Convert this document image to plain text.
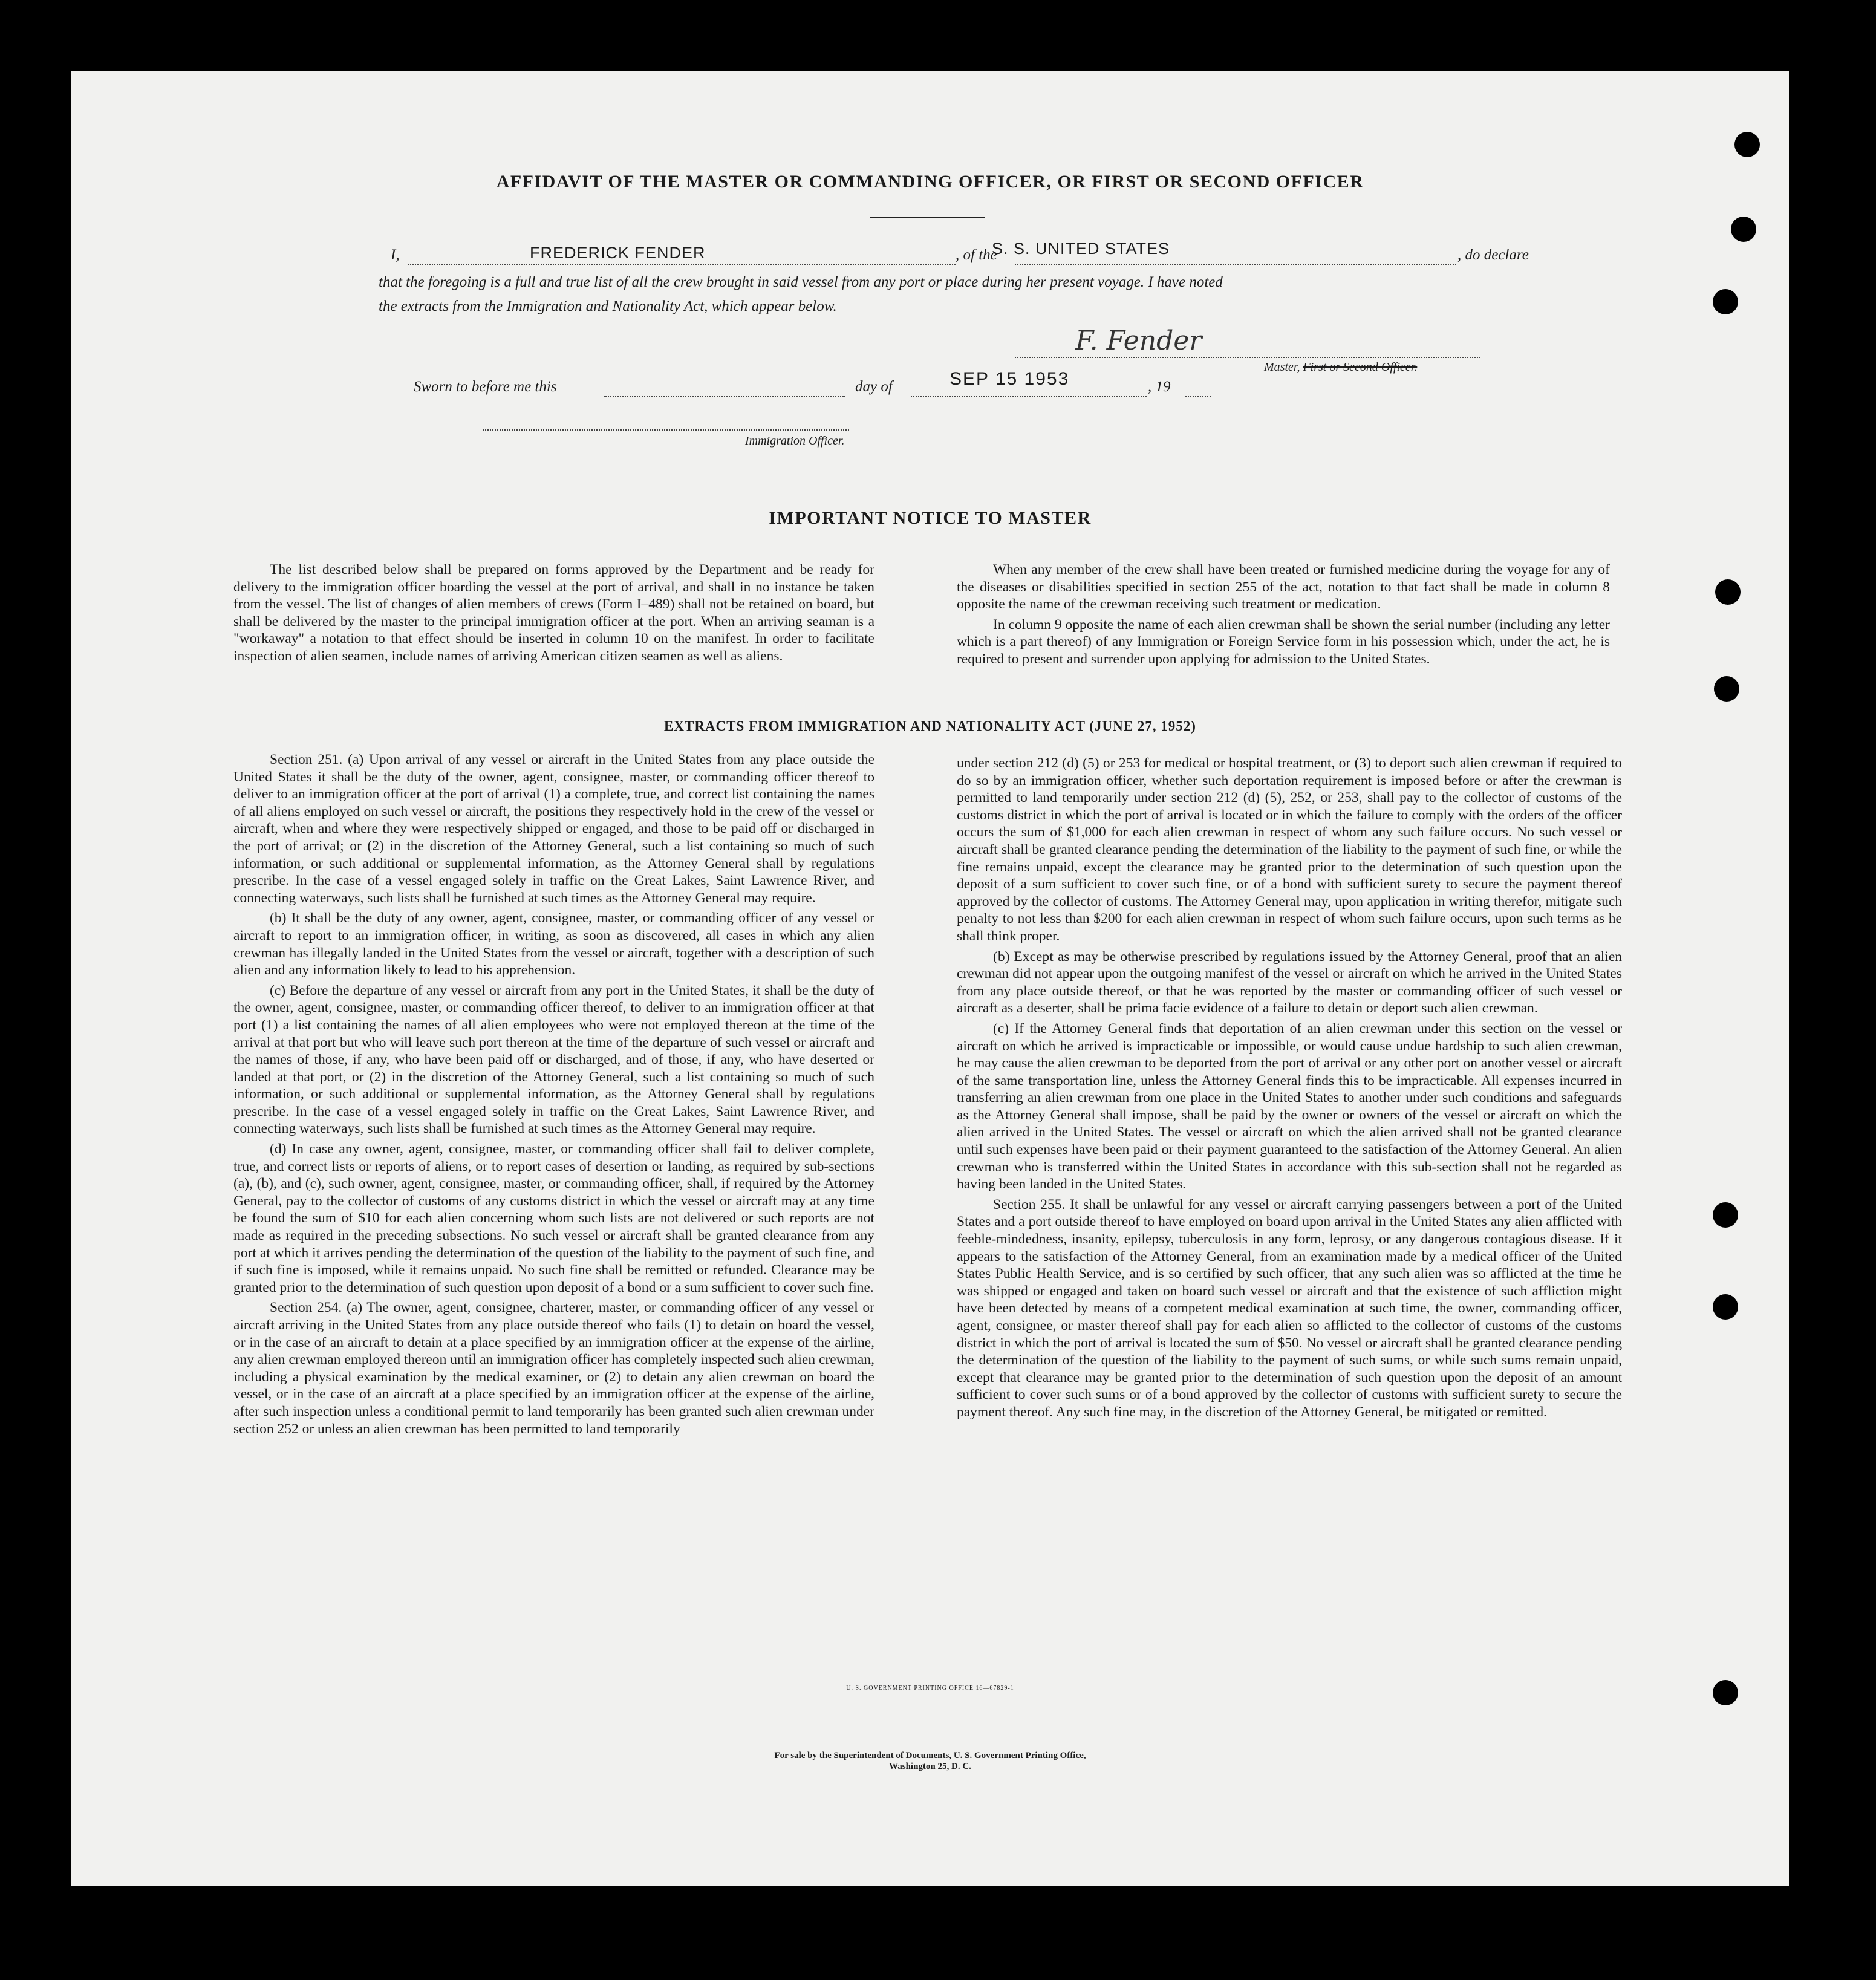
AFFIDAVIT OF THE MASTER OR COMMANDING OFFICER, OR FIRST OR SECOND OFFICER
I,	FREDERICK FENDER	, of the
S. S. UNITED STATES	, do declare
that the foregoing is a full and true list of all the crew brought in said vessel from any port or place during her present voyage. I have noted
the extracts from the Immigration and Nationality Act, which appear below.
F. Fender
Master, First or Second Officer.
Sworn to before me this	day of	SEP 15 1953	, 19
Immigration Officer.
IMPORTANT NOTICE TO MASTER

The list described below shall be prepared on forms approved by the Department and be ready for delivery to the immigration officer boarding the vessel at the port of arrival, and shall in no instance be taken from the vessel. The list of changes of alien members of crews (Form I–489) shall not be retained on board, but shall be delivered by the master to the principal immigration officer at the port. When an arriving seaman is a "workaway" a notation to that effect should be inserted in column 10 on the manifest. In order to facilitate inspection of alien seamen, include names of arriving American citizen seamen as well as aliens.

When any member of the crew shall have been treated or furnished medicine during the voyage for any of the diseases or disabilities specified in section 255 of the act, notation to that fact shall be made in column 8 opposite the name of the crewman receiving such treatment or medication.

In column 9 opposite the name of each alien crewman shall be shown the serial number (including any letter which is a part thereof) of any Immigration or Foreign Service form in his possession which, under the act, he is required to present and surrender upon applying for admission to the United States.

EXTRACTS FROM IMMIGRATION AND NATIONALITY ACT (JUNE 27, 1952)

Section 251. (a) Upon arrival of any vessel or aircraft in the United States from any place outside the United States it shall be the duty of the owner, agent, consignee, master, or commanding officer thereof to deliver to an immigration officer at the port of arrival (1) a complete, true, and correct list containing the names of all aliens employed on such vessel or aircraft, the positions they respectively hold in the crew of the vessel or aircraft, when and where they were respectively shipped or engaged, and those to be paid off or discharged in the port of arrival; or (2) in the discretion of the Attorney General, such a list containing so much of such information, or such additional or supplemental information, as the Attorney General shall by regulations prescribe. In the case of a vessel engaged solely in traffic on the Great Lakes, Saint Lawrence River, and connecting waterways, such lists shall be furnished at such times as the Attorney General may require.

(b) It shall be the duty of any owner, agent, consignee, master, or commanding officer of any vessel or aircraft to report to an immigration officer, in writing, as soon as discovered, all cases in which any alien crewman has illegally landed in the United States from the vessel or aircraft, together with a description of such alien and any information likely to lead to his apprehension.

(c) Before the departure of any vessel or aircraft from any port in the United States, it shall be the duty of the owner, agent, consignee, master, or commanding officer thereof, to deliver to an immigration officer at that port (1) a list containing the names of all alien employees who were not employed thereon at the time of the arrival at that port but who will leave such port thereon at the time of the departure of such vessel or aircraft and the names of those, if any, who have been paid off or discharged, and of those, if any, who have deserted or landed at that port, or (2) in the discretion of the Attorney General, such a list containing so much of such information, or such additional or supplemental information, as the Attorney General shall by regulations prescribe. In the case of a vessel engaged solely in traffic on the Great Lakes, Saint Lawrence River, and connecting waterways, such lists shall be furnished at such times as the Attorney General may require.

(d) In case any owner, agent, consignee, master, or commanding officer shall fail to deliver complete, true, and correct lists or reports of aliens, or to report cases of desertion or landing, as required by sub-sections (a), (b), and (c), such owner, agent, consignee, master, or commanding officer, shall, if required by the Attorney General, pay to the collector of customs of any customs district in which the vessel or aircraft may at any time be found the sum of $10 for each alien concerning whom such lists are not delivered or such reports are not made as required in the preceding subsections. No such vessel or aircraft shall be granted clearance from any port at which it arrives pending the determination of the question of the liability to the payment of such fine, and if such fine is imposed, while it remains unpaid. No such fine shall be remitted or refunded. Clearance may be granted prior to the determination of such question upon deposit of a bond or a sum sufficient to cover such fine.

Section 254. (a) The owner, agent, consignee, charterer, master, or commanding officer of any vessel or aircraft arriving in the United States from any place outside thereof who fails (1) to detain on board the vessel, or in the case of an aircraft to detain at a place specified by an immigration officer at the expense of the airline, any alien crewman employed thereon until an immigration officer has completely inspected such alien crewman, including a physical examination by the medical examiner, or (2) to detain any alien crewman on board the vessel, or in the case of an aircraft at a place specified by an immigration officer at the expense of the airline, after such inspection unless a conditional permit to land temporarily has been granted such alien crewman under section 252 or unless an alien crewman has been permitted to land temporarily

under section 212 (d) (5) or 253 for medical or hospital treatment, or (3) to deport such alien crewman if required to do so by an immigration officer, whether such deportation requirement is imposed before or after the crewman is permitted to land temporarily under section 212 (d) (5), 252, or 253, shall pay to the collector of customs of the customs district in which the port of arrival is located or in which the failure to comply with the orders of the officer occurs the sum of $1,000 for each alien crewman in respect of whom any such failure occurs. No such vessel or aircraft shall be granted clearance pending the determination of the liability to the payment of such fine, or while the fine remains unpaid, except the clearance may be granted prior to the determination of such question upon the deposit of a sum sufficient to cover such fine, or of a bond with sufficient surety to secure the payment thereof approved by the collector of customs. The Attorney General may, upon application in writing therefor, mitigate such penalty to not less than $200 for each alien crewman in respect of whom such failure occurs, upon such terms as he shall think proper.

(b) Except as may be otherwise prescribed by regulations issued by the Attorney General, proof that an alien crewman did not appear upon the outgoing manifest of the vessel or aircraft on which he arrived in the United States from any place outside thereof, or that he was reported by the master or commanding officer of such vessel or aircraft as a deserter, shall be prima facie evidence of a failure to detain or deport such alien crewman.

(c) If the Attorney General finds that deportation of an alien crewman under this section on the vessel or aircraft on which he arrived is impracticable or impossible, or would cause undue hardship to such alien crewman, he may cause the alien crewman to be deported from the port of arrival or any other port on another vessel or aircraft of the same transportation line, unless the Attorney General finds this to be impracticable. All expenses incurred in transferring an alien crewman from one place in the United States to another under such conditions and safeguards as the Attorney General shall impose, shall be paid by the owner or owners of the vessel or aircraft on which the alien arrived in the United States. The vessel or aircraft on which the alien arrived shall not be granted clearance until such expenses have been paid or their payment guaranteed to the satisfaction of the Attorney General. An alien crewman who is transferred within the United States in accordance with this sub-section shall not be regarded as having been landed in the United States.

Section 255. It shall be unlawful for any vessel or aircraft carrying passengers between a port of the United States and a port outside thereof to have employed on board upon arrival in the United States any alien afflicted with feeble-mindedness, insanity, epilepsy, tuberculosis in any form, leprosy, or any dangerous contagious disease. If it appears to the satisfaction of the Attorney General, from an examination made by a medical officer of the United States Public Health Service, and is so certified by such officer, that any such alien was so afflicted at the time he was shipped or engaged and taken on board such vessel or aircraft and that the existence of such affliction might have been detected by means of a competent medical examination at such time, the owner, commanding officer, agent, consignee, or master thereof shall pay for each alien so afflicted to the collector of customs of the customs district in which the port of arrival is located the sum of $50. No vessel or aircraft shall be granted clearance pending the determination of the question of the liability to the payment of such sums, or while such sums remain unpaid, except that clearance may be granted prior to the determination of such question upon the deposit of an amount sufficient to cover such sums or of a bond approved by the collector of customs with sufficient surety to secure the payment thereof. Any such fine may, in the discretion of the Attorney General, be mitigated or remitted.

U. S. GOVERNMENT PRINTING OFFICE 16—67829-1
For sale by the Superintendent of Documents, U. S. Government Printing Office,
Washington 25, D. C.
